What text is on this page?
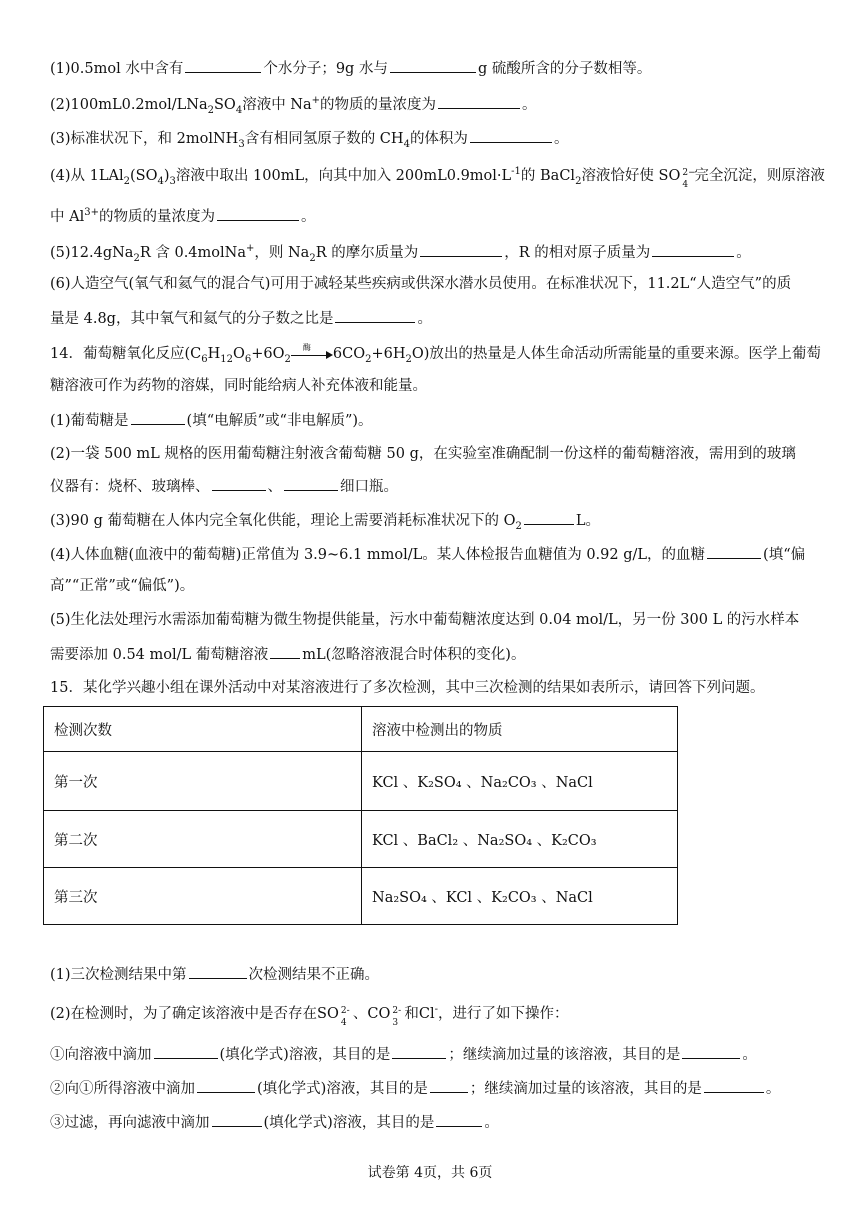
(1)0.5mol 水中含有	个水分子；9g 水与	g 硫酸所含的分子数相等。
$(2)100mL0.2mol/LNa_2SO_4$溶液中 Na+的物质的量浓度为	。
(3)标准状况下，和 2molNH$_3$含有相同氢原子数的 $CH_4$的体积为	。
(4)从 $1LAl_2(SO_4)_3$溶液中取出 100mL，向其中加入 $200mL0.9mol\cdot L^{-1}$的 BaCl$_2$溶液恰好使 SO 2−
4
完全沉淀，则原溶液
中 $Al^{3+}$的物质的量浓度为	。
(5)12.4gNa$_2$R 含 0.4molNa+，则 $Na_2R$ 的摩尔质量为	，R 的相对原子质量为	。
(6)人造空气(氧气和氦气的混合气)可用于减轻某些疾病或供深水潜水员使用。在标准状况下，11.2L“人造空气”的质
量是 4.8g，其中氧气和氦气的分子数之比是	。
14．葡萄糖氧化反应($C_6H_{12}O_6+6O_2$
酶 $6CO_2+6H_2O$)放出的热量是人体生命活动所需能量的重要来源。医学上葡萄
糖溶液可作为药物的溶媒，同时能给病人补充体液和能量。
(1)葡萄糖是	(填“电解质”或“非电解质”)。
(2)一袋 500 mL 规格的医用葡萄糖注射液含葡萄糖 50 g，在实验室准确配制一份这样的葡萄糖溶液，需用到的玻璃
仪器有：烧杯、玻璃棒、	、	细口瓶。
(3)90 g 葡萄糖在人体内完全氧化供能，理论上需要消耗标准状况下的 $O_2$	L。
(4)人体血糖(血液中的葡萄糖)正常值为 3.9~6.1 mmol/L。某人体检报告血糖值为 0.92 g/L，的血糖	(填“偏
高”“正常”或“偏低”)。
(5)生化法处理污水需添加葡萄糖为微生物提供能量，污水中葡萄糖浓度达到 0.04 mol/L，另一份 300 L 的污水样本
需要添加 0.54 mol/L 葡萄糖溶液 mL(忽略溶液混合时体积的变化)。
15．某化学兴趣小组在课外活动中对某溶液进行了多次检测，其中三次检测的结果如表所示，请回答下列问题。
检测次数	溶液中检测出的物质
第一次	KCl 、K₂SO₄ 、Na₂CO₃ 、NaCl
第二次	KCl 、BaCl₂ 、Na₂SO₄ 、K₂CO₃
第三次	Na₂SO₄ 、KCl 、K₂CO₃ 、NaCl
(1)三次检测结果中第	次检测结果不正确。
(2)在检测时，为了确定该溶液中是否存在SO 2-
4
、CO 2-
3
和Cl-，进行了如下操作：
①向溶液中滴加	(填化学式)溶液，其目的是	；继续滴加过量的该溶液，其目的是	。
②向①所得溶液中滴加	(填化学式)溶液，其目的是	；继续滴加过量的该溶液，其目的是	。
③过滤，再向滤液中滴加	(填化学式)溶液，其目的是	。
试卷第 4页，共 6页
